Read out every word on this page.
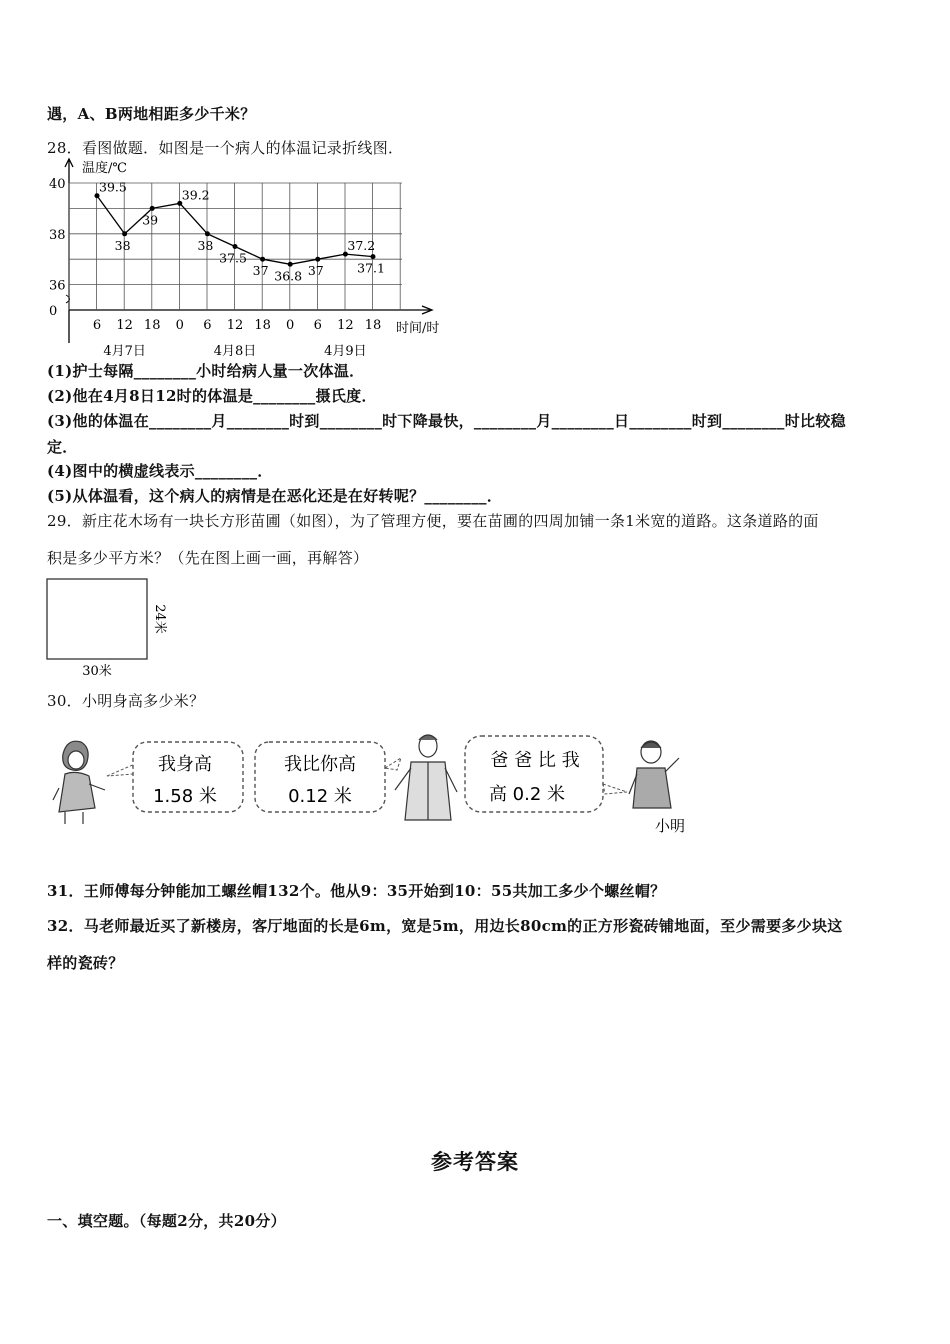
遇，A、B两地相距多少千米？
28．看图做题．如图是一个病人的体温记录折线图．
温度/℃
时间/时
40
38
36
0
6 12 18 0 6 12 18 0 6 12 18
4月7日	4月8日	4月9日
39.5
38
39
39.2
38
37.5
37 36.8 37
37.2
37.1
(1)护士每隔________小时给病人量一次体温．
(2)他在4月8日12时的体温是________摄氏度．
(3)他的体温在________月________时到________时下降最快，________月________日________时到________时比较稳
定．
(4)图中的横虚线表示________．
(5)从体温看，这个病人的病情是在恶化还是在好转呢？________．
29．新庄花木场有一块长方形苗圃（如图），为了管理方便，要在苗圃的四周加铺一条1米宽的道路。这条道路的面
积是多少平方米？（先在图上画一画，再解答）
30米
24米
30．小明身高多少米？
我身高
1.58 米
我比你高
0.12 米
爸 爸 比 我
高 0.2 米
小明
31．王师傅每分钟能加工螺丝帽132个。他从9：35开始到10：55共加工多少个螺丝帽？
32．马老师最近买了新楼房，客厅地面的长是6m，宽是5m，用边长80cm的正方形瓷砖铺地面，至少需要多少块这
样的瓷砖？
参考答案
一、填空题。（每题2分，共20分）
